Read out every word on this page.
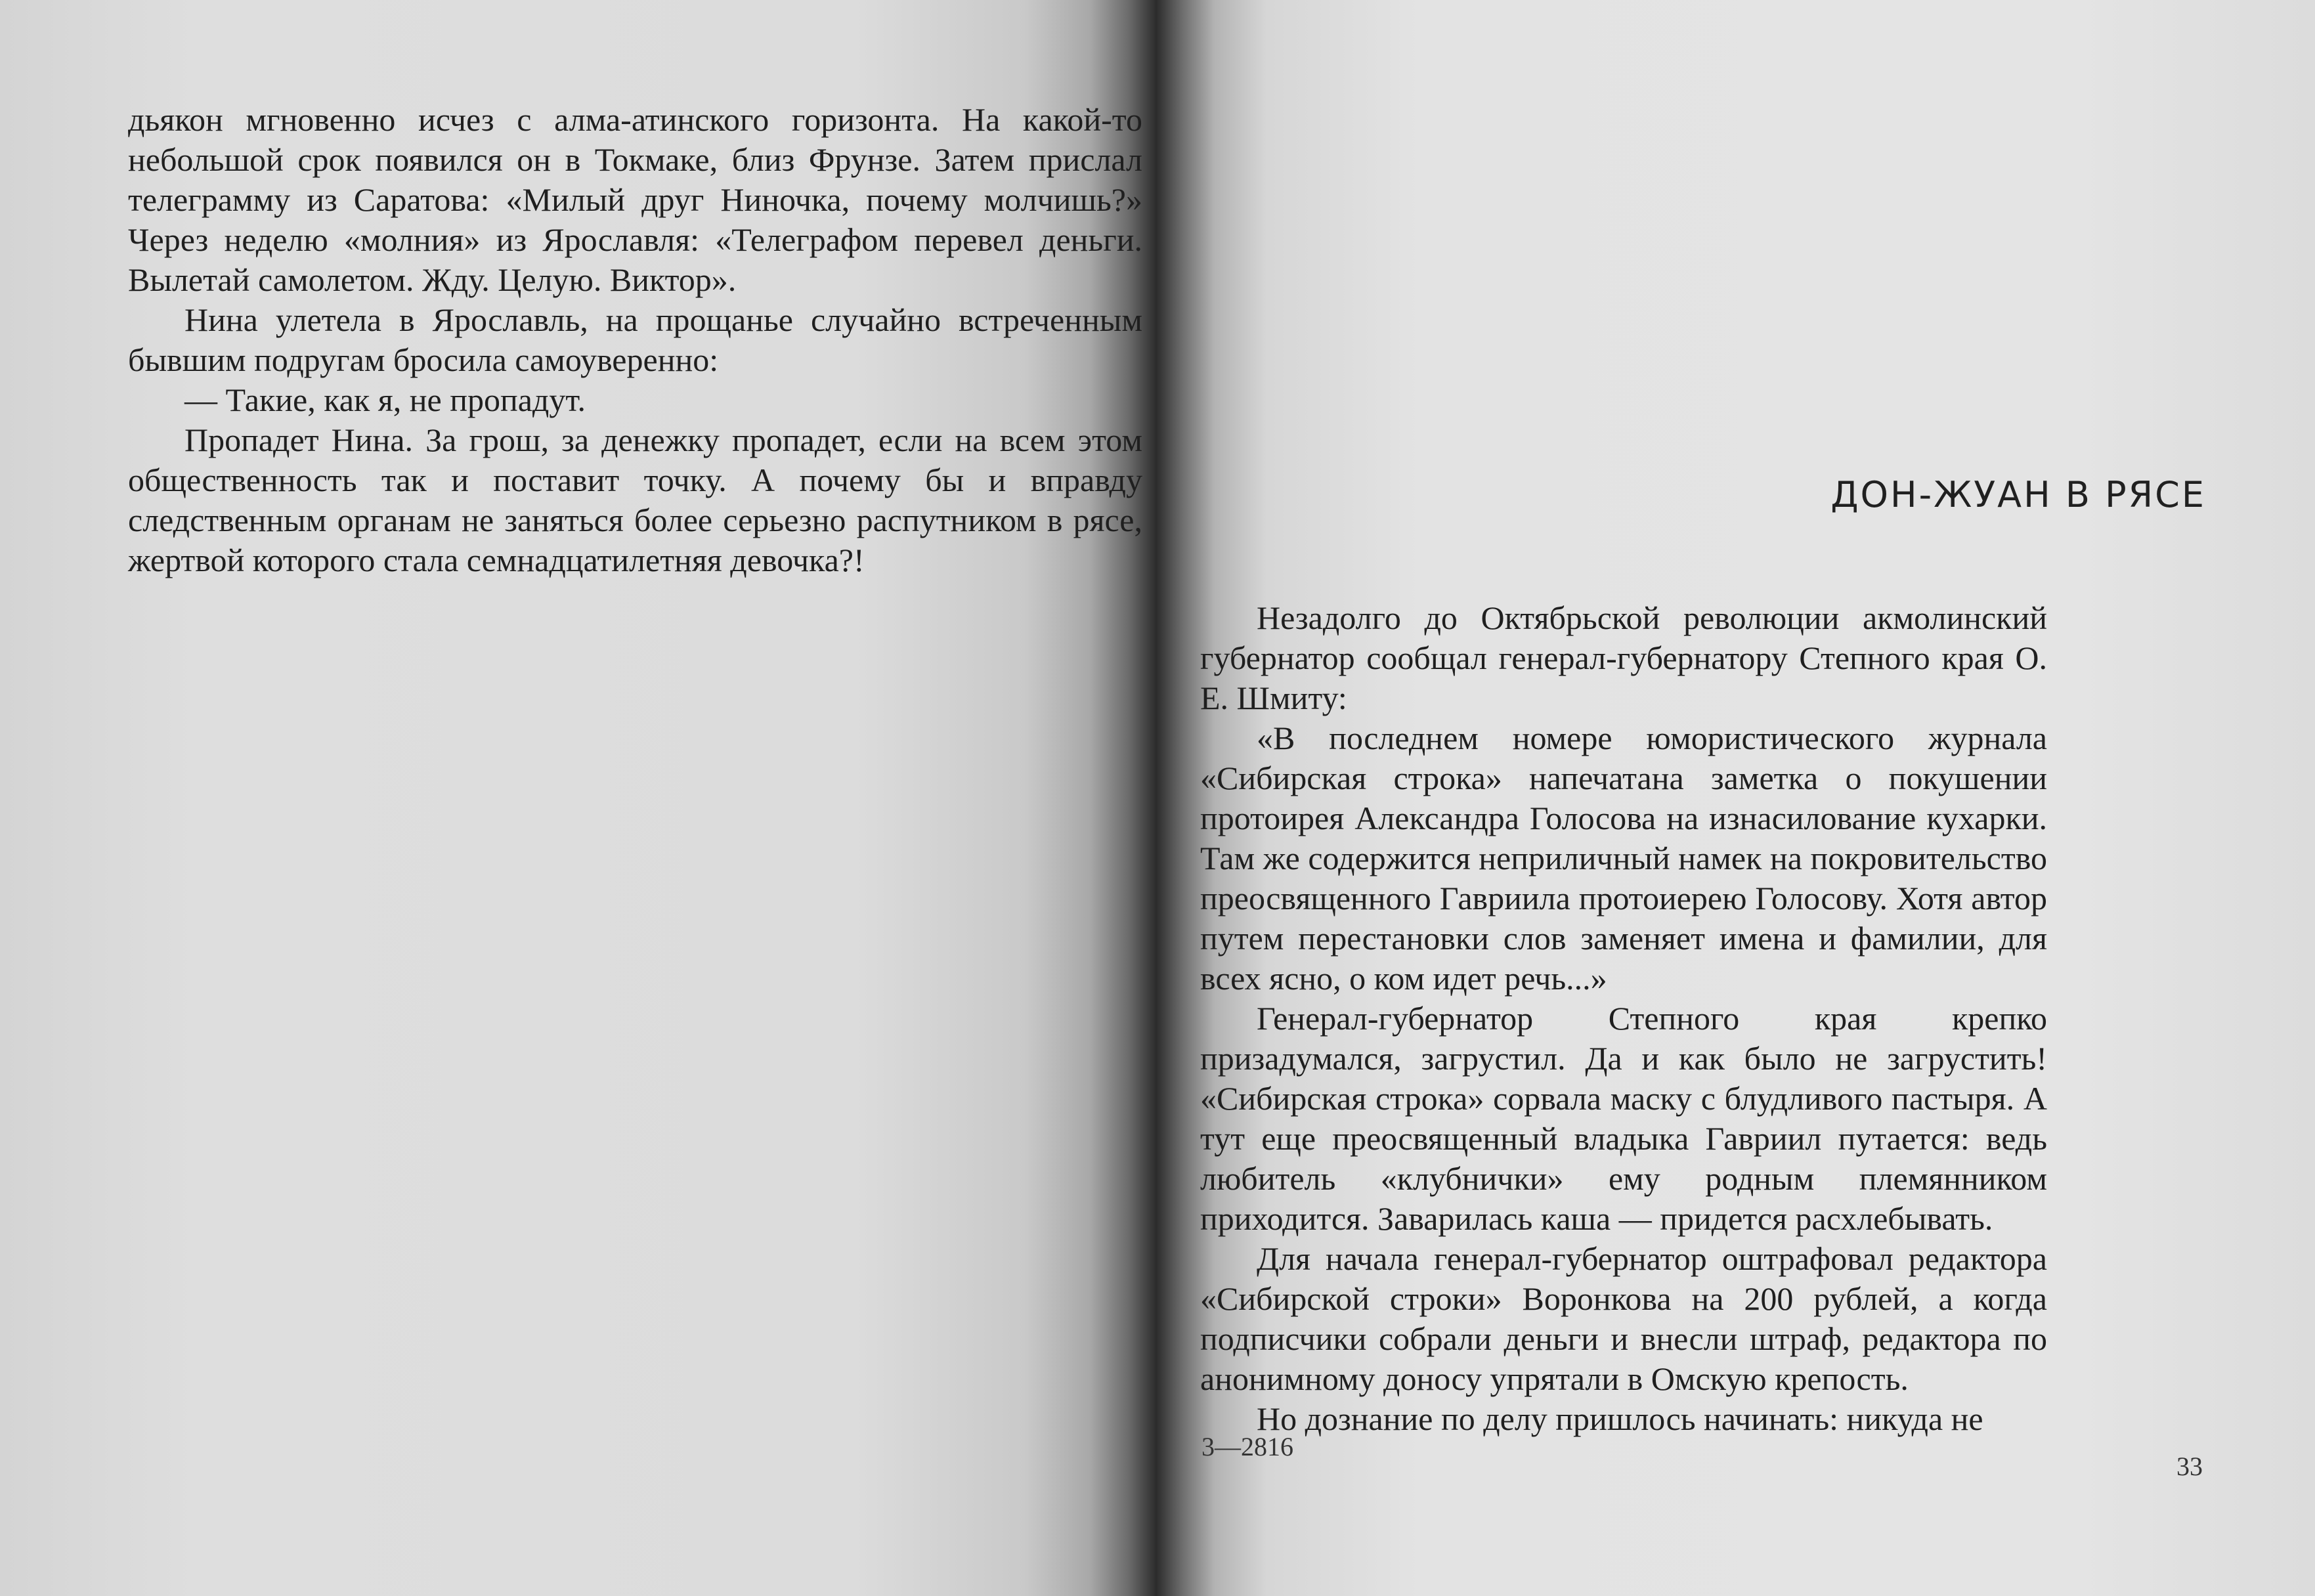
дьякон мгновенно исчез с алма-атинского горизонта. На какой-то небольшой срок появился он в Токмаке, близ Фрунзе. Затем прислал телеграмму из Саратова: «Милый друг Ниночка, почему молчишь?» Через неделю «молния» из Ярославля: «Телеграфом перевел деньги. Вылетай самолетом. Жду. Целую. Виктор».

Нина улетела в Ярославль, на прощанье случайно встреченным бывшим подругам бросила самоуверенно:

— Такие, как я, не пропадут.

Пропадет Нина. За грош, за денежку пропадет, если на всем этом общественность так и поставит точку. А почему бы и вправду следственным органам не заняться более серьезно распутником в рясе, жертвой которого стала семнадцатилетняя девочка?!

ДОН-ЖУАН В РЯСЕ

Незадолго до Октябрьской революции акмолинский губернатор сообщал генерал-губернатору Степного края О. Е. Шмиту:

«В последнем номере юмористического журнала «Сибирская строка» напечатана заметка о покушении протоирея Александра Голосова на изнасилование кухарки. Там же содержится неприличный намек на покровительство преосвященного Гавриила протоиерею Голосову. Хотя автор путем перестановки слов заменяет имена и фамилии, для всех ясно, о ком идет речь...»

Генерал-губернатор Степного края крепко призадумался, загрустил. Да и как было не загрустить! «Сибирская строка» сорвала маску с блудливого пастыря. А тут еще преосвященный владыка Гавриил путается: ведь любитель «клубнички» ему родным племянником приходится. Заварилась каша — придется расхлебывать.

Для начала генерал-губернатор оштрафовал редактора «Сибирской строки» Воронкова на 200 рублей, а когда подписчики собрали деньги и внесли штраф, редактора по анонимному доносу упрятали в Омскую крепость.

Но дознание по делу пришлось начинать: никуда не

3—2816
33
